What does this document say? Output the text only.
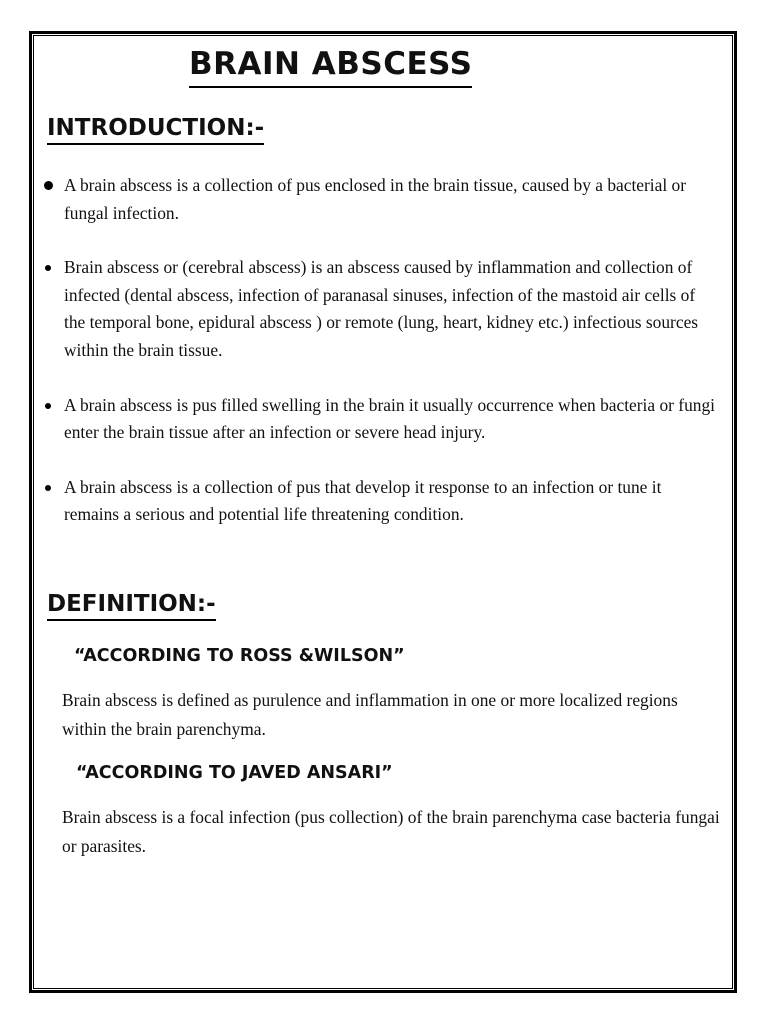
BRAIN ABSCESS
INTRODUCTION:-
A brain abscess is a collection of pus enclosed in the brain tissue, caused by a bacterial or fungal infection.
Brain abscess or (cerebral abscess) is an abscess caused by inflammation and collection of infected (dental abscess, infection of paranasal sinuses, infection of the mastoid air cells of the temporal bone, epidural abscess ) or remote (lung, heart, kidney etc.) infectious sources within the brain tissue.
A brain abscess is pus filled swelling in the brain it usually occurrence when bacteria or fungi enter the brain tissue after an infection or severe head injury.
A brain abscess is a collection of pus that develop it response to an infection or tune it remains a serious and potential life threatening condition.
DEFINITION:-
“ACCORDING TO ROSS &WILSON”

Brain abscess is defined as purulence and inflammation in one or more localized regions within the brain parenchyma.

“ACCORDING TO JAVED ANSARI”

Brain abscess is a focal infection (pus collection) of the brain parenchyma case bacteria fungai or parasites.
